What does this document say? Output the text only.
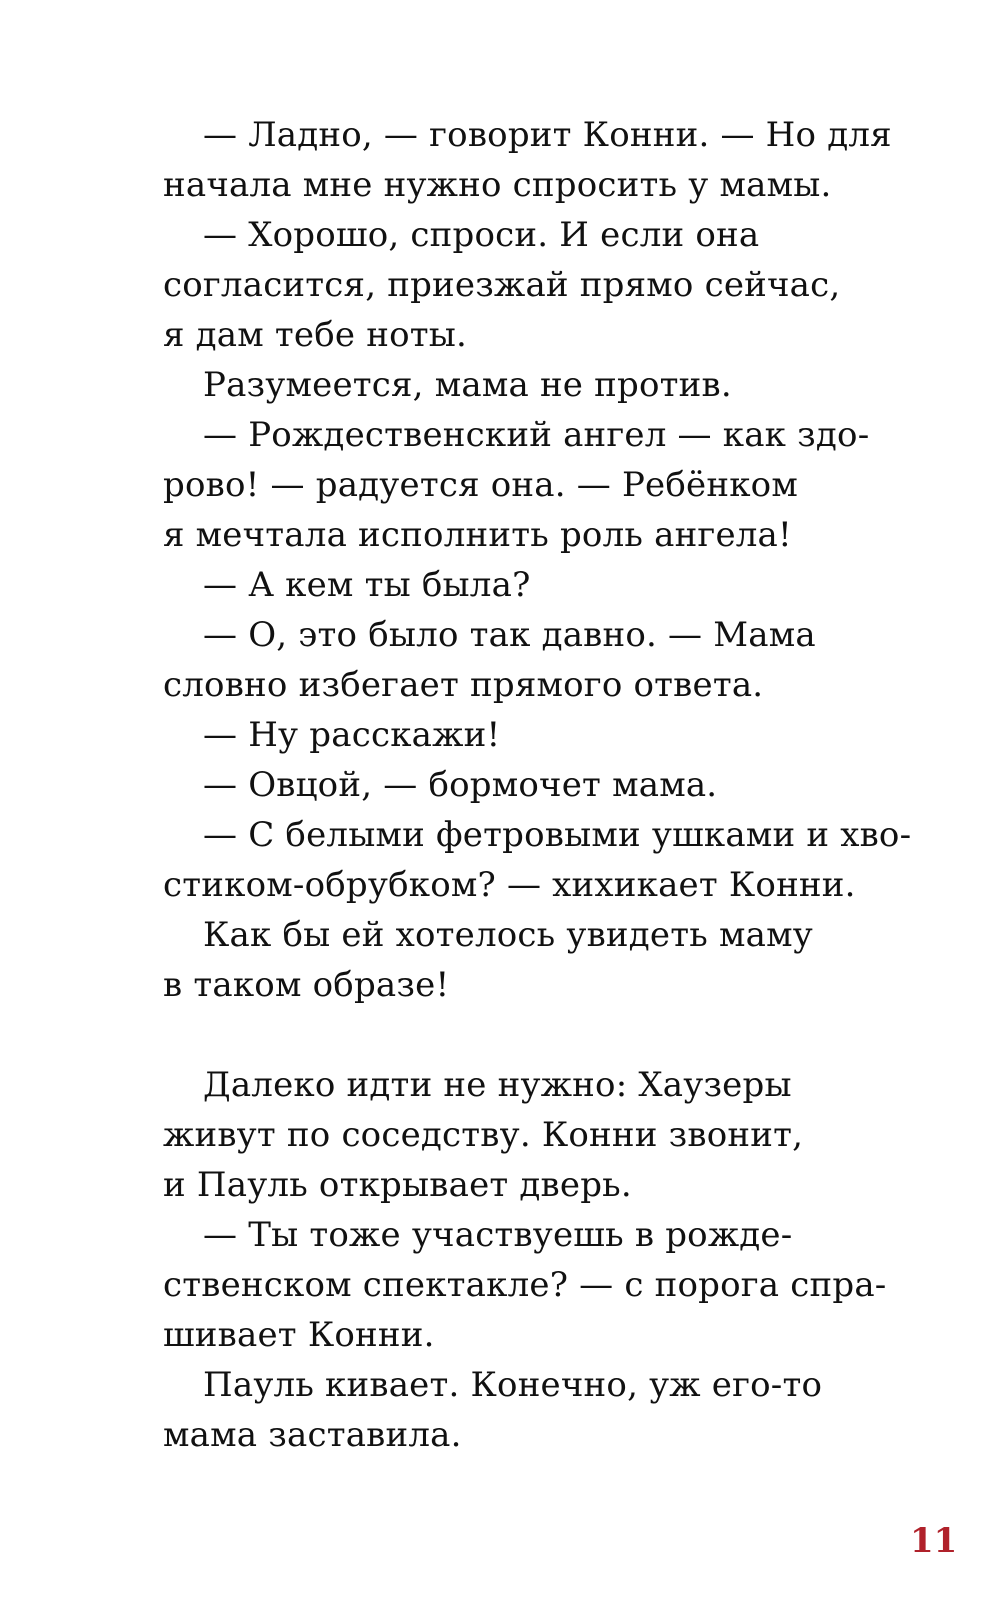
— Ладно, — говорит Конни. — Но для
начала мне нужно спросить у мамы.
— Хорошо, спроси. И если она
согласится, приезжай прямо сейчас,
я дам тебе ноты.
Разумеется, мама не против.
— Рождественский ангел — как здо-
рово! — радуется она. — Ребёнком
я мечтала исполнить роль ангела!
— А кем ты была?
— О, это было так давно. — Мама
словно избегает прямого ответа.
— Ну расскажи!
— Овцой, — бормочет мама.
— С белыми фетровыми ушками и хво-
стиком-обрубком? — хихикает Конни.
Как бы ей хотелось увидеть маму
в таком образе!
Далеко идти не нужно: Хаузеры
живут по соседству. Конни звонит,
и Пауль открывает дверь.
— Ты тоже участвуешь в рожде-
ственском спектакле? — с порога спра-
шивает Конни.
Пауль кивает. Конечно, уж его-то
мама заставила.
11
